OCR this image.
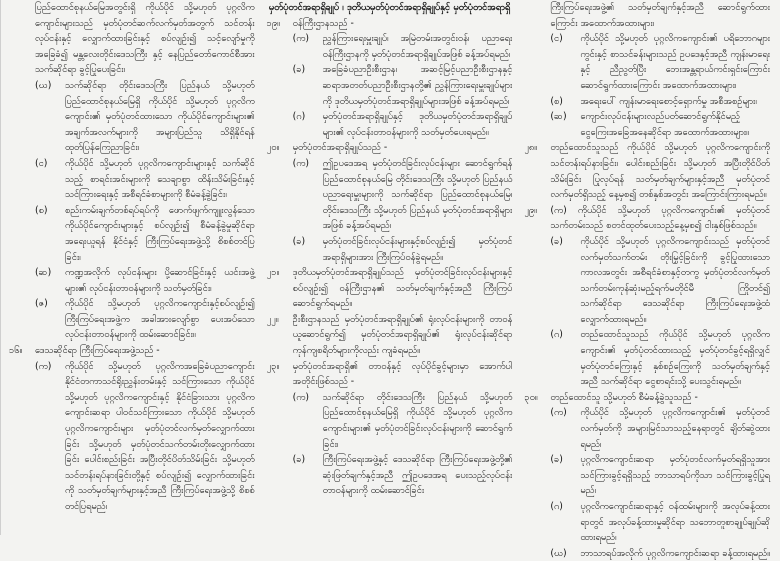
ပြည်ထောင်စုနယ်မြေအတွင်းရှိ ကိုယ်ပိုင် သို့မဟုတ် ပုဂ္ဂလိကကျောင်းများသည် မှတ်ပုံတင်ဆက်လက်မှတ်အတွက် သင်တန်းလုပ်ငန်းနှင့် လျှောက်ထားခြင်းနှင့် စပ်လျဉ်း၍ သင့်လျော်မှုကို အခြေခံ၍ မန္တလေးတိုင်းဒေသကြီး နှင့် နေပြည်တော်ကောင်စီအား သက်ဆိုင်ရာ ခွင့်ပြုပေးခြင်း၊
(ဃ)	သက်ဆိုင်ရာ တိုင်းဒေသကြီး ပြည်နယ် သို့မဟုတ် ပြည်ထောင်စုနယ်မြေရှိ ကိုယ်ပိုင် သို့မဟုတ် ပုဂ္ဂလိကကျောင်း၏ မှတ်ပုံတင်ထားသော ကိုယ်ပိုင်ကျောင်းများ၏ အချက်အလက်များကို အများပြည်သူ သိရှိနိုင်ရန် ထုတ်ပြန်ကြေညာခြင်း၊
(င)	ကိုယ်ပိုင် သို့မဟုတ် ပုဂ္ဂလိကကျောင်းများနှင့် သက်ဆိုင်သည့် စာရင်းအင်းများကို သေချာစွာ ထိန်းသိမ်းခြင်းနှင့် သင်ကြားရေးနှင့် အစီရင်ခံစာများကို စီမံခန့်ခွဲခြင်း၊
(စ)	စည်းကမ်းချက်တစ်ရပ်ရပ်ကို ဖောက်ဖျက်ကျူးလွန်သော ကိုယ်ပိုင်ကျောင်းများနှင့် စပ်လျဉ်း၍ စီမံခန့်ခွဲမှုဆိုင်ရာ အရေးယူရန် နိုင်ငံနှင့် ကြီးကြပ်ရေးအဖွဲ့သို့ စိစစ်တင်ပြခြင်း၊
(ဆ)	ကဏ္ဍအလိုက် လုပ်ငန်းများ ပို့ဆောင်ခြင်းနှင့် ယင်းအဖွဲ့များ၏ လုပ်ငန်းတာဝန်များကို သတ်မှတ်ခြင်း၊
(ဇ)	ကိုယ်ပိုင် သို့မဟုတ် ပုဂ္ဂလိကကျောင်းနှင့်စပ်လျဉ်း၍ ကြီးကြပ်ရေးအဖွဲ့က အခါအားလျော်စွာ ပေးအပ်သော လုပ်ငန်းတာဝန်များကို ထမ်းဆောင်ခြင်း။
၁၆။	ဒေသဆိုင်ရာ ကြီးကြပ်ရေးအဖွဲ့သည် -
(က)	ကိုယ်ပိုင် သို့မဟုတ် ပုဂ္ဂလိကအခြေခံပညာကျောင်း နိုင်ငံတကာသင်ရိုးညွှန်းတမ်းနှင့် သင်ကြားသော ကိုယ်ပိုင် သို့မဟုတ် ပုဂ္ဂလိကကျောင်းနှင့် နိုင်ငံခြားသား ပုဂ္ဂလိကကျောင်းဆရာ ပါဝင်သင်ကြားသော ကိုယ်ပိုင် သို့မဟုတ် ပုဂ္ဂလိကကျောင်းများ မှတ်ပုံတင်လက်မှတ်လျှောက်ထားခြင်း သို့မဟုတ် မှတ်ပုံတင်သက်တမ်းတိုးလျှောက်ထားခြင်း ပေါင်းစည်းခြင်း အပြီးတိုင်ပိတ်သိမ်းခြင်း သို့မဟုတ် သင်တန်းရပ်နားခြင်းတို့နှင့် စပ်လျဉ်း၍ လျှောက်ထားခြင်းကို သတ်မှတ်ချက်များနှင့်အညီ ကြီးကြပ်ရေးအဖွဲ့သို့ စိစစ်တင်ပြရမည်၊
မှတ်ပုံတင်အရာရှိချုပ် ၊ ဒုတိယမှတ်ပုံတင်အရာရှိချုပ်နှင့် မှတ်ပုံတင်အရာရှိ
၁၉။	ဝန်ကြီးဌာနသည် -
(က)	ညွှန်ကြားရေးမှူးချုပ်၊ အမြဲတမ်းအတွင်းဝန်၊ ပညာရေးဝန်ကြီးဌာနကို မှတ်ပုံတင်အရာရှိချုပ်အဖြစ် ခန့်အပ်ရမည်၊
(ခ)	အခြေခံပညာဦးစီးဌာန၊ အဆင့်မြင့်ပညာဦးစီးဌာနနှင့် ဆရာအတတ်ပညာဦးစီးဌာနတို့၏ ညွှန်ကြားရေးမှူးချုပ်များကို ဒုတိယမှတ်ပုံတင်အရာရှိချုပ်များအဖြစ် ခန့်အပ်ရမည်၊
(ဂ)	မှတ်ပုံတင်အရာရှိချုပ်နှင့် ဒုတိယမှတ်ပုံတင်အရာရှိချုပ်များ၏ လုပ်ငန်းတာဝန်များကို သတ်မှတ်ပေးရမည်။
၂၀။	မှတ်ပုံတင်အရာရှိချုပ်သည် -
(က)	ဤဥပဒေအရ မှတ်ပုံတင်ခြင်းလုပ်ငန်းများ ဆောင်ရွက်ရန် ပြည်ထောင်စုနယ်မြေ တိုင်းဒေသကြီး သို့မဟုတ် ပြည်နယ်ပညာရေးမှူးများကို သက်ဆိုင်ရာ ပြည်ထောင်စုနယ်မြေ၊ တိုင်းဒေသကြီး သို့မဟုတ် ပြည်နယ် မှတ်ပုံတင်အရာရှိများအဖြစ် ခန့်အပ်ရမည်၊
(ခ)	မှတ်ပုံတင်ခြင်းလုပ်ငန်းများနှင့်စပ်လျဉ်း၍ မှတ်ပုံတင်အရာရှိများအား ကြီးကြပ်ဝန်ခွဲရမည်။
၂၁။	ဒုတိယမှတ်ပုံတင်အရာရှိချုပ်သည် မှတ်ပုံတင်ခြင်းလုပ်ငန်းများနှင့်စပ်လျဉ်း၍ ဝန်ကြီးဌာန၏ သတ်မှတ်ချက်နှင့်အညီ ကြီးကြပ်ဆောင်ရွက်ရမည်။
၂၂။	ဦးစီးဌာနသည် မှတ်ပုံတင်အရာရှိချုပ်၏ ရုံးလုပ်ငန်းများကို တာဝန်ယူဆောင်ရွက်၍ မှတ်ပုံတင်အရာရှိချုပ်၏ ရုံးလုပ်ငန်းဆိုင်ရာ ကုန်ကျစရိတ်များကိုလည်း ကျခံရမည်။
၂၃။	မှတ်ပုံတင်အရာရှိ၏ တာဝန်နှင့် လုပ်ပိုင်ခွင့်များမှာ အောက်ပါအတိုင်းဖြစ်သည် -
(က)	သက်ဆိုင်ရာ တိုင်းဒေသကြီး ပြည်နယ် သို့မဟုတ် ပြည်ထောင်စုနယ်မြေရှိ ကိုယ်ပိုင် သို့မဟုတ် ပုဂ္ဂလိကကျောင်းများ၏ မှတ်ပုံတင်ခြင်းလုပ်ငန်းများကို ဆောင်ရွက်ခြင်း၊
(ခ)	ကြီးကြပ်ရေးအဖွဲ့နှင့် ဒေသဆိုင်ရာ ကြီးကြပ်ရေးအဖွဲ့တို့၏ ဆုံးဖြတ်ချက်နှင့်အညီ ဤဥပဒေအရ ပေးသည့်လုပ်ငန်းတာဝန်များကို ထမ်းဆောင်ခြင်း
ကြီးကြပ်ရေးအဖွဲ့၏ သတ်မှတ်ချက်နှင့်အညီ ဆောင်ရွက်ထားကြောင်း အထောက်အထားများ၊
(င)	ကိုယ်ပိုင် သို့မဟုတ် ပုဂ္ဂလိကကျောင်း၏ ပရိဘောဂများ ကွင်းနှင့် စာသင်ခန်းများသည် ဥပဒေနှင့်အညီ ကျန်းမာရေးနှင့် ညီညွတ်ပြီး ဘေးအန္တရာယ်ကင်းရှင်းကြောင်း ဆောင်ရွက်ထားကြောင်း အထောက်အထားများ၊
(စ)	အရေးပေါ် ကျန်းမာရေးစောင့်ရှောက်မှု အစီအစဉ်များ၊
(ဆ)	ကျောင်းလုပ်ငန်းများလည်ပတ်ဆောင်ရွက်နိုင်မည့် ငွေကြေးအခြေအနေဆိုင်ရာ အထောက်အထားများ။
၂၈။	တည်ထောင်သူသည် ကိုယ်ပိုင် သို့မဟုတ် ပုဂ္ဂလိကကျောင်းကို သင်တန်းရပ်နားခြင်း၊ ပေါင်းစည်းခြင်း သို့မဟုတ် အပြီးတိုင်ပိတ်သိမ်းခြင်း ပြုလုပ်ရန် သတ်မှတ်ချက်များနှင့်အညီ မှတ်ပုံတင်လက်မှတ်ရှိသည့် နေ့မှစ၍ တစ်နှစ်အတွင်း အကြောင်းကြားရမည်။
၂၉။	(က) ကိုယ်ပိုင် သို့မဟုတ် ပုဂ္ဂလိကကျောင်း၏ မှတ်ပုံတင်သက်တမ်းသည် စတင်ထုတ်ပေးသည့်နေ့မှစ၍ ငါးနှစ်ဖြစ်သည်။
(ခ)	ကိုယ်ပိုင် သို့မဟုတ် ပုဂ္ဂလိကကျောင်းသည် မှတ်ပုံတင်လက်မှတ်သက်တမ်း တိုးမြှင့်ခြင်းကို ခွင့်ပြုထားသော ကာလအတွင်း အစီရင်ခံစာနှင့်တကွ မှတ်ပုံတင်လက်မှတ်သက်တမ်းကုန်ဆုံးမည့်ရက်မတိုင်မီ ကြိုတင်၍ သက်ဆိုင်ရာ ဒေသဆိုင်ရာ ကြီးကြပ်ရေးအဖွဲ့ထံ လျှောက်ထားရမည်။
(ဂ)	တည်ထောင်သူသည် ကိုယ်ပိုင် သို့မဟုတ် ပုဂ္ဂလိက ကျောင်း၏ မှတ်ပုံတင်ထားသည့် မှတ်ပုံတင်ခွင့်ရရှိလျှင် မှတ်ပုံတင်ကြေးနှင့် နှစ်စဉ်ကြေးကို သတ်မှတ်ချက်နှင့်အညီ သက်ဆိုင်ရာ ငွေစာရင်းသို့ ပေးသွင်းရမည်။
၃၀။	တည်ထောင်သူ သို့မဟုတ် စီမံခန့်ခွဲသူသည် -
(က)	ကိုယ်ပိုင် သို့မဟုတ် ပုဂ္ဂလိကကျောင်း၏ မှတ်ပုံတင်လက်မှတ်ကို အများမြင်သာသည့်နေရာတွင် ချိတ်ဆွဲထားရမည်၊
(ခ)	ပုဂ္ဂလိကကျောင်းဆရာ မှတ်ပုံတင်လက်မှတ်ရရှိသူအား သင်ကြားခွင့်ရရှိသည့် ဘာသာရပ်ကိုသာ သင်ကြားခွင့်ပြုရမည်၊
(ဂ)	ပုဂ္ဂလိကကျောင်းဆရာနှင့် ဝန်ထမ်းများကို အလုပ်ခန့်ထား ရာတွင် အလုပ်ခန့်ထားမှုဆိုင်ရာ သဘောတူစာချုပ်ချုပ်ဆိုထားရမည်၊
(ဃ)	ဘာသာရပ်အလိုက် ပုဂ္ဂလိကကျောင်းဆရာ ခန့်ထားရမည်။
